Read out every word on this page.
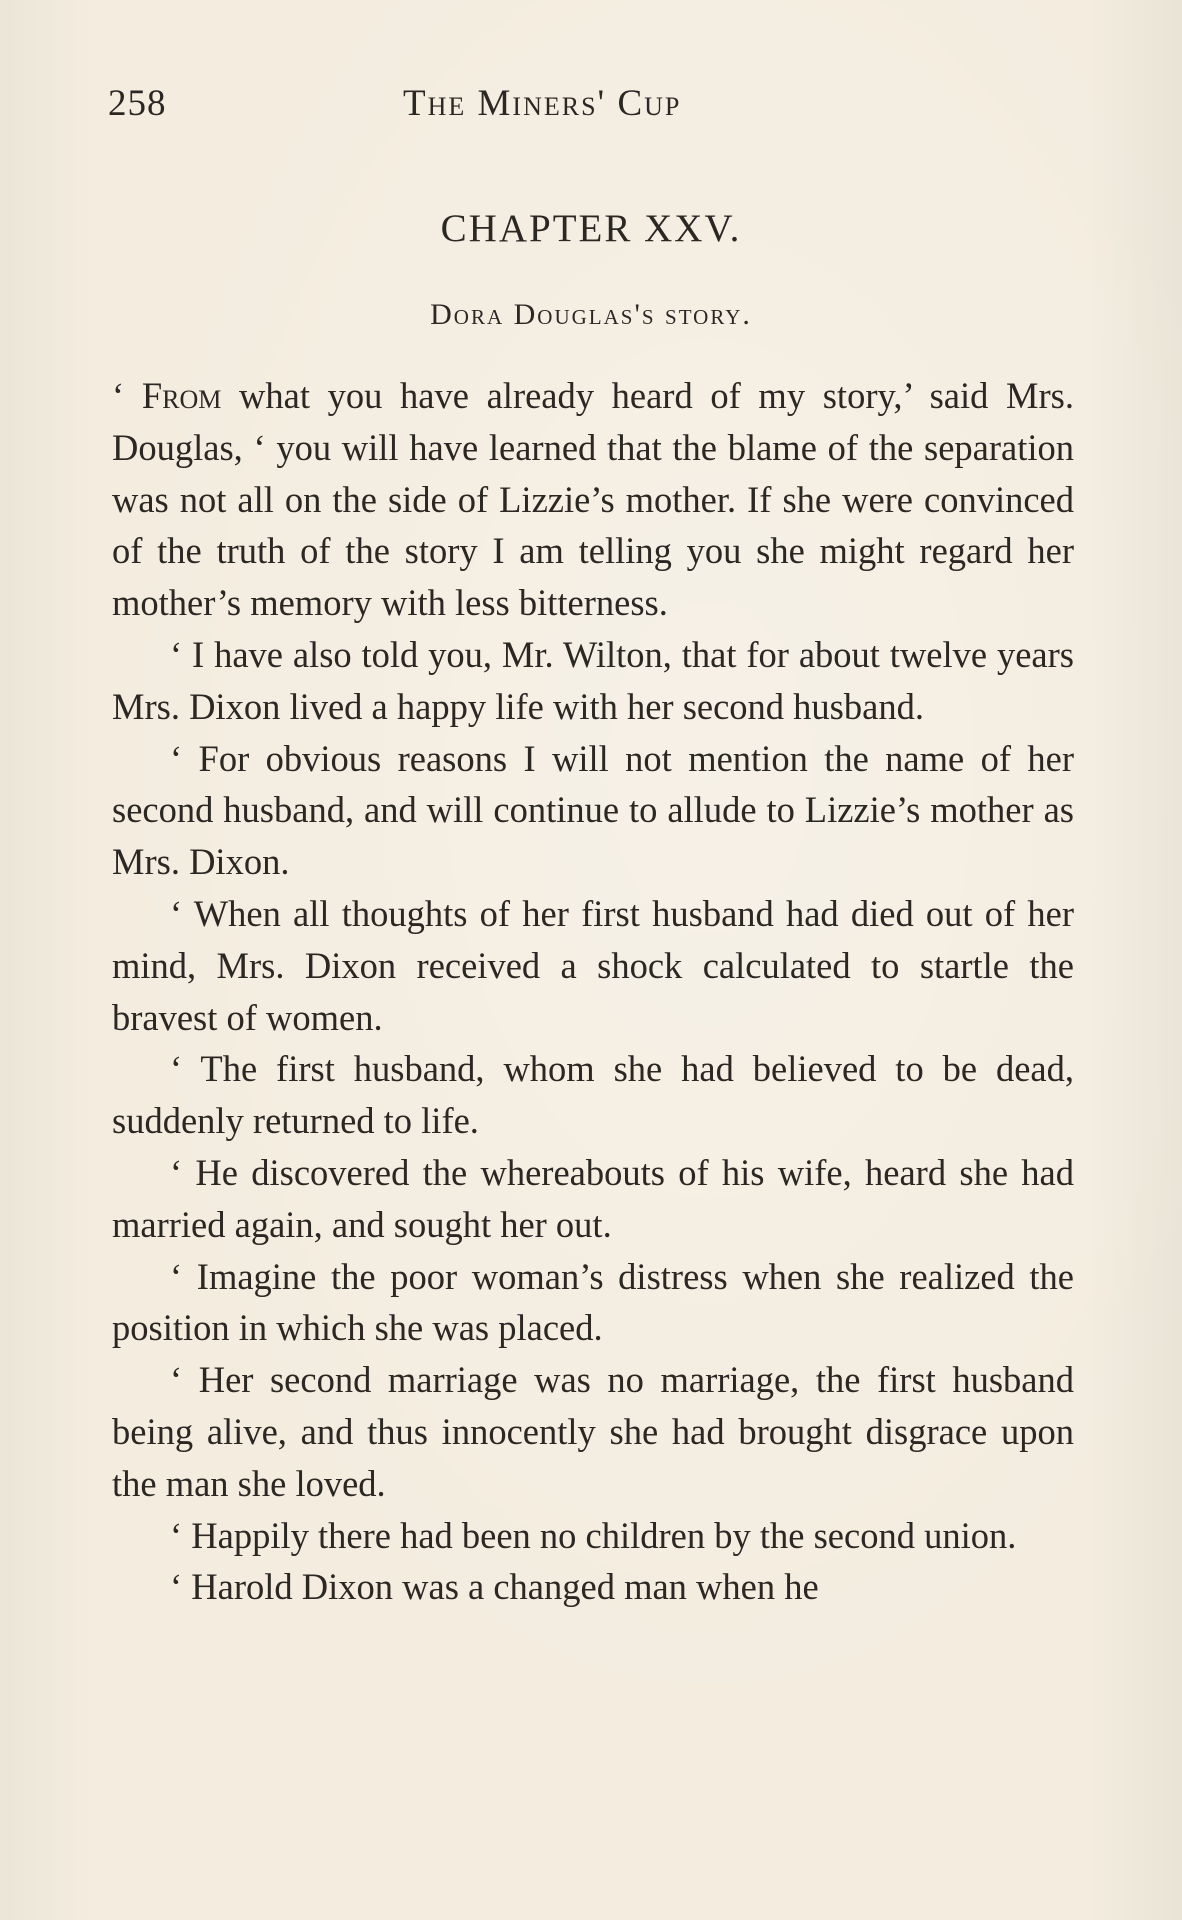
258	The Miners' Cup
CHAPTER XXV.
Dora Douglas's story.

‘ From what you have already heard of my story,’ said Mrs. Douglas, ‘ you will have learned that the blame of the separation was not all on the side of Lizzie’s mother. If she were convinced of the truth of the story I am telling you she might regard her mother’s memory with less bitterness.

‘ I have also told you, Mr. Wilton, that for about twelve years Mrs. Dixon lived a happy life with her second husband.

‘ For obvious reasons I will not mention the name of her second husband, and will continue to allude to Lizzie’s mother as Mrs. Dixon.

‘ When all thoughts of her first husband had died out of her mind, Mrs. Dixon received a shock calculated to startle the bravest of women.

‘ The first husband, whom she had believed to be dead, suddenly returned to life.

‘ He discovered the whereabouts of his wife, heard she had married again, and sought her out.

‘ Imagine the poor woman’s distress when she realized the position in which she was placed.

‘ Her second marriage was no marriage, the first husband being alive, and thus innocently she had brought disgrace upon the man she loved.

‘ Happily there had been no children by the second union.

‘ Harold Dixon was a changed man when he
